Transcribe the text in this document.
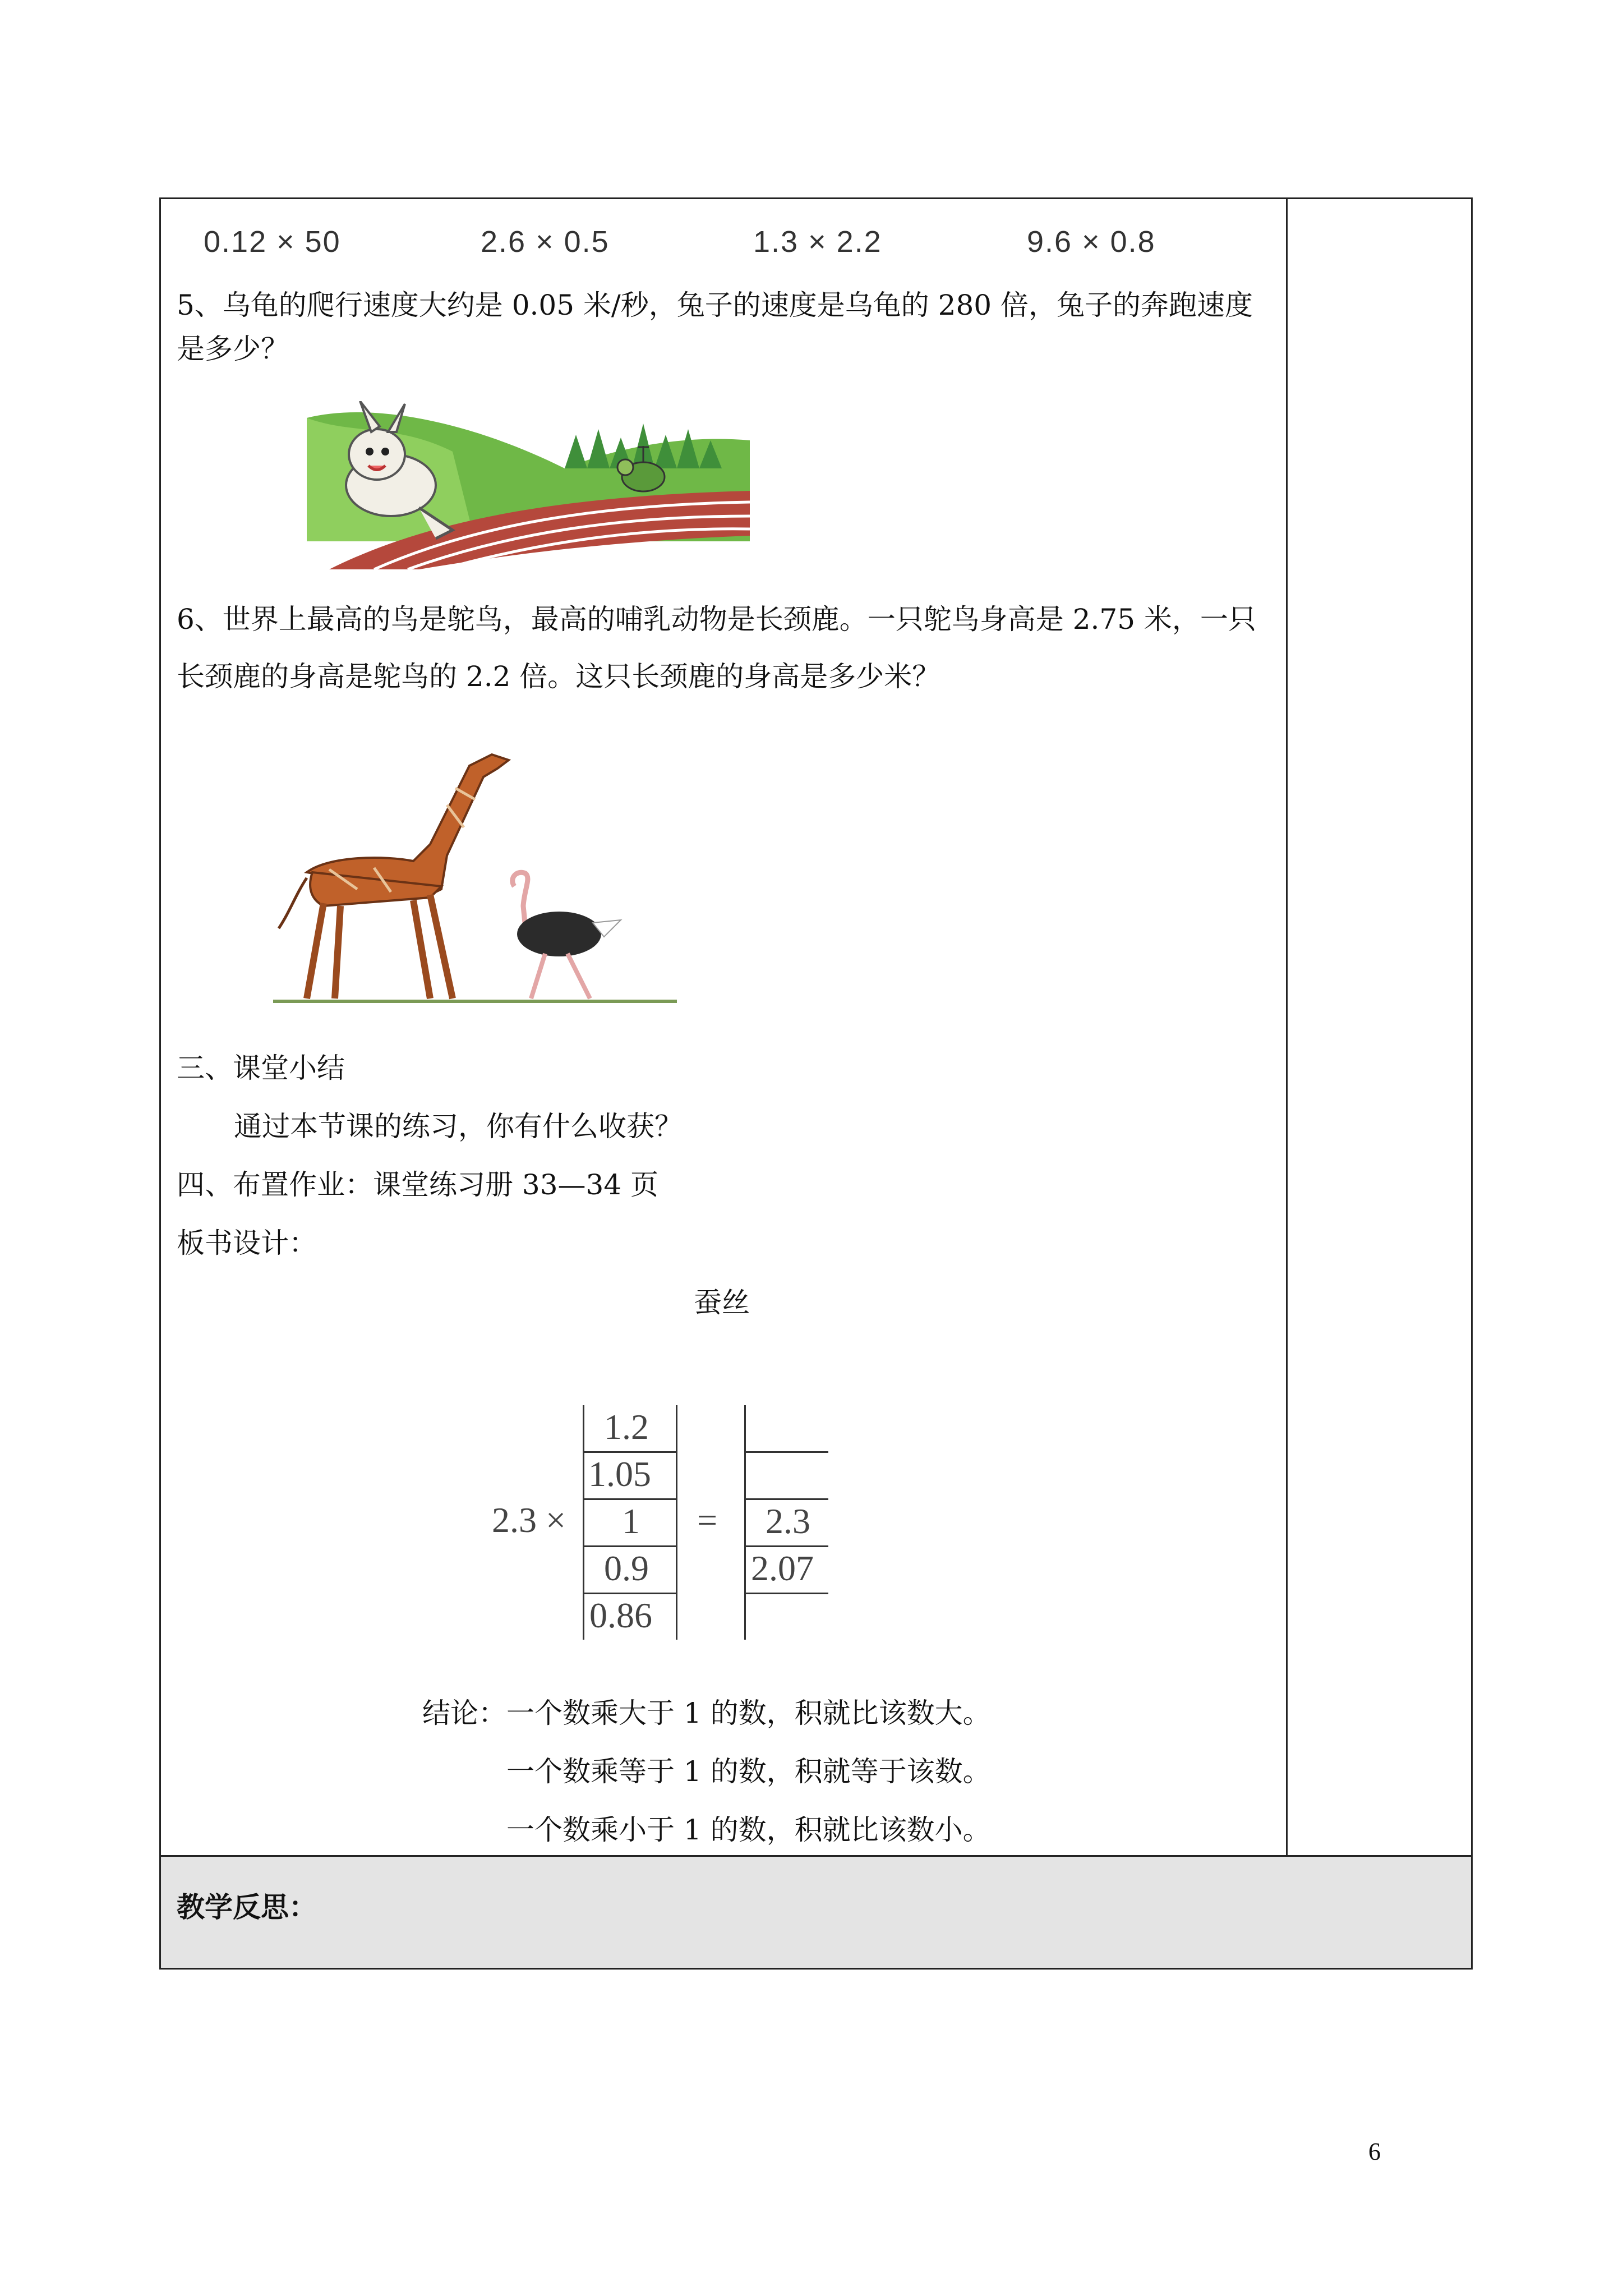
0.12 × 50	2.6 × 0.5	1.3 × 2.2	9.6 × 0.8
5、乌龟的爬行速度大约是 0.05 米/秒，兔子的速度是乌龟的 280 倍，兔子的奔跑速度
是多少？
6、世界上最高的鸟是鸵鸟，最高的哺乳动物是长颈鹿。一只鸵鸟身高是 2.75 米，一只
长颈鹿的身高是鸵鸟的 2.2 倍。这只长颈鹿的身高是多少米？
三、课堂小结
通过本节课的练习，你有什么收获？
四、布置作业：课堂练习册 33—34 页
板书设计：
蚕丝
2.3 ×
1.2
1.05
1
0.9
0.86
= 2.3
2.07
结论： 一个数乘大于 1 的数，积就比该数大。
一个数乘等于 1 的数，积就等于该数。
一个数乘小于 1 的数，积就比该数小。
教学反思：
6
